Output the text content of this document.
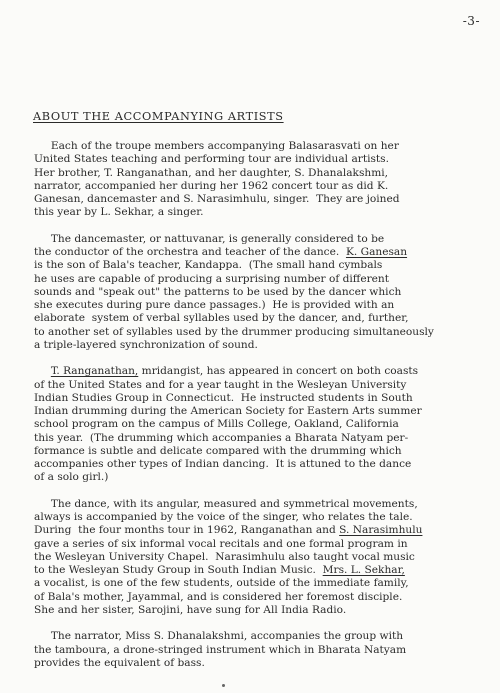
-3-
ABOUT THE ACCOMPANYING ARTISTS
Each of the troupe members accompanying Balasarasvati on her
United States teaching and performing tour are individual artists.
Her brother, T. Ranganathan, and her daughter, S. Dhanalakshmi,
narrator, accompanied her during her 1962 concert tour as did K.
Ganesan, dancemaster and S. Narasimhulu, singer.  They are joined
this year by L. Sekhar, a singer.
The dancemaster, or nattuvanar, is generally considered to be
the conductor of the orchestra and teacher of the dance.  K. Ganesan
is the son of Bala's teacher, Kandappa.  (The small hand cymbals
he uses are capable of producing a surprising number of different
sounds and "speak out" the patterns to be used by the dancer which
she executes during pure dance passages.)  He is provided with an
elaborate  system of verbal syllables used by the dancer, and, further,
to another set of syllables used by the drummer producing simultaneously
a triple-layered synchronization of sound.
T. Ranganathan, mridangist, has appeared in concert on both coasts
of the United States and for a year taught in the Wesleyan University
Indian Studies Group in Connecticut.  He instructed students in South
Indian drumming during the American Society for Eastern Arts summer
school program on the campus of Mills College, Oakland, California
this year.  (The drumming which accompanies a Bharata Natyam per-
formance is subtle and delicate compared with the drumming which
accompanies other types of Indian dancing.  It is attuned to the dance
of a solo girl.)
The dance, with its angular, measured and symmetrical movements,
always is accompanied by the voice of the singer, who relates the tale.
During  the four months tour in 1962, Ranganathan and S. Narasimhulu
gave a series of six informal vocal recitals and one formal program in
the Wesleyan University Chapel.  Narasimhulu also taught vocal music
to the Wesleyan Study Group in South Indian Music.  Mrs. L. Sekhar,
a vocalist, is one of the few students, outside of the immediate family,
of Bala's mother, Jayammal, and is considered her foremost disciple.
She and her sister, Sarojini, have sung for All India Radio.
The narrator, Miss S. Dhanalakshmi, accompanies the group with
the tamboura, a drone-stringed instrument which in Bharata Natyam
provides the equivalent of bass.
